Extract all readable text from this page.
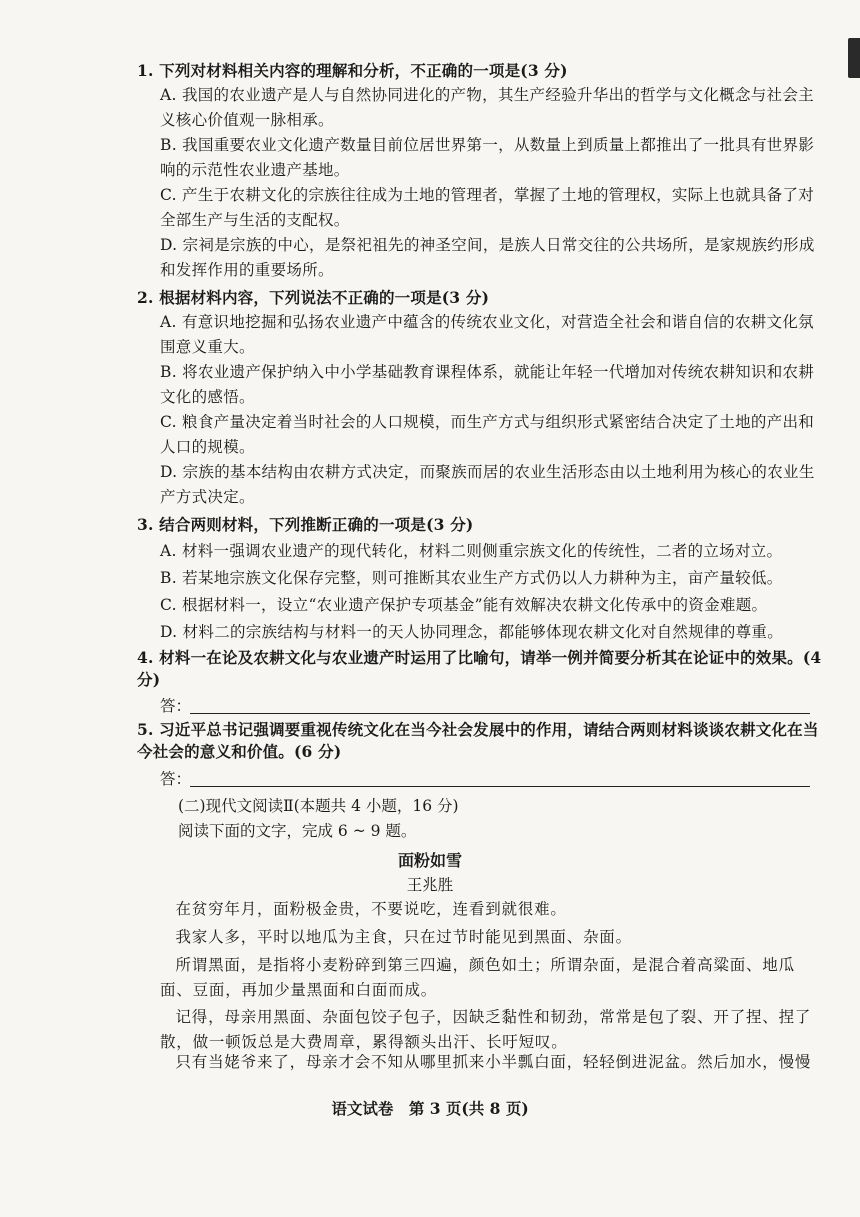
1. 下列对材料相关内容的理解和分析，不正确的一项是(3 分)
A. 我国的农业遗产是人与自然协同进化的产物，其生产经验升华出的哲学与文化概念与社会主义核心价值观一脉相承。
B. 我国重要农业文化遗产数量目前位居世界第一，从数量上到质量上都推出了一批具有世界影响的示范性农业遗产基地。
C. 产生于农耕文化的宗族往往成为土地的管理者，掌握了土地的管理权，实际上也就具备了对全部生产与生活的支配权。
D. 宗祠是宗族的中心，是祭祀祖先的神圣空间，是族人日常交往的公共场所，是家规族约形成和发挥作用的重要场所。
2. 根据材料内容，下列说法不正确的一项是(3 分)
A. 有意识地挖掘和弘扬农业遗产中蕴含的传统农业文化，对营造全社会和谐自信的农耕文化氛围意义重大。
B. 将农业遗产保护纳入中小学基础教育课程体系，就能让年轻一代增加对传统农耕知识和农耕文化的感悟。
C. 粮食产量决定着当时社会的人口规模，而生产方式与组织形式紧密结合决定了土地的产出和人口的规模。
D. 宗族的基本结构由农耕方式决定，而聚族而居的农业生活形态由以土地利用为核心的农业生产方式决定。
3. 结合两则材料，下列推断正确的一项是(3 分)
A. 材料一强调农业遗产的现代转化，材料二则侧重宗族文化的传统性，二者的立场对立。
B. 若某地宗族文化保存完整，则可推断其农业生产方式仍以人力耕种为主，亩产量较低。
C. 根据材料一，设立“农业遗产保护专项基金”能有效解决农耕文化传承中的资金难题。
D. 材料二的宗族结构与材料一的天人协同理念，都能够体现农耕文化对自然规律的尊重。
4. 材料一在论及农耕文化与农业遗产时运用了比喻句，请举一例并简要分析其在论证中的效果。(4 分)
答：
5. 习近平总书记强调要重视传统文化在当今社会发展中的作用，请结合两则材料谈谈农耕文化在当今社会的意义和价值。(6 分)
答：
(二)现代文阅读Ⅱ(本题共 4 小题，16 分)
阅读下面的文字，完成 6 ~ 9 题。
面粉如雪
王兆胜
在贫穷年月，面粉极金贵，不要说吃，连看到就很难。
我家人多，平时以地瓜为主食，只在过节时能见到黑面、杂面。
所谓黑面，是指将小麦粉碎到第三四遍，颜色如土；所谓杂面，是混合着高粱面、地瓜面、豆面，再加少量黑面和白面而成。
记得，母亲用黑面、杂面包饺子包子，因缺乏黏性和韧劲，常常是包了裂、开了捏、捏了散，做一顿饭总是大费周章，累得额头出汗、长吁短叹。
只有当姥爷来了，母亲才会不知从哪里抓来小半瓢白面，轻轻倒进泥盆。然后加水，慢慢
语文试卷　第 3 页(共 8 页)
